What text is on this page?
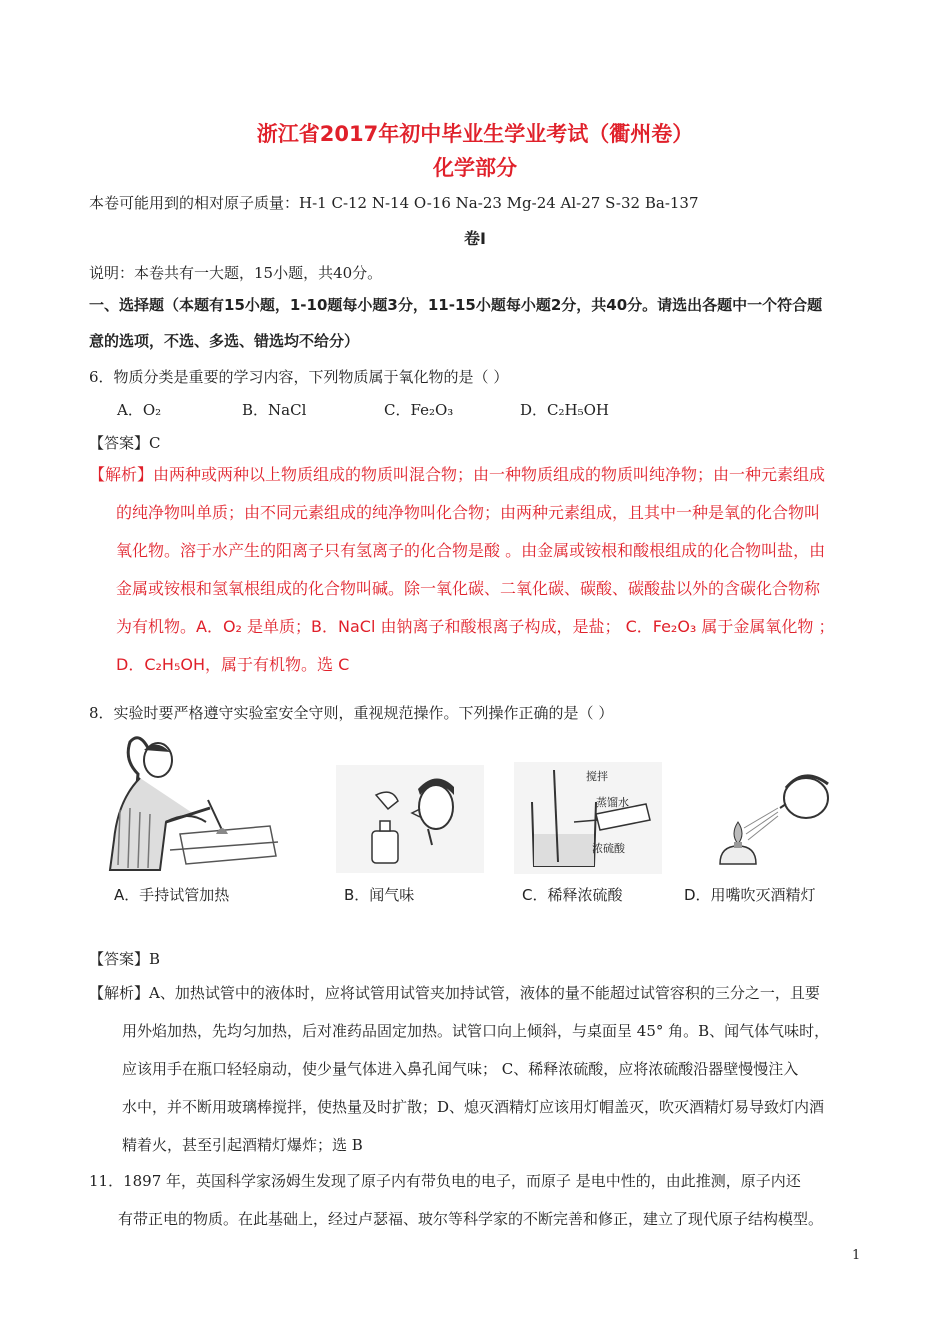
浙江省2017年初中毕业生学业考试（衢州卷）
化学部分
本卷可能用到的相对原子质量：H-1 C-12 N-14 O-16 Na-23 Mg-24 Al-27 S-32 Ba-137
卷Ⅰ
说明：本卷共有一大题，15小题，共40分。
一、选择题（本题有15小题，1-10题每小题3分，11-15小题每小题2分，共40分。请选出各题中一个符合题
意的选项，不选、多选、错选均不给分）
6．物质分类是重要的学习内容，下列物质属于氧化物的是（ ）
A．O₂	B．NaCl	C．Fe₂O₃	D．C₂H₅OH
【答案】C
【解析】由两种或两种以上物质组成的物质叫混合物；由一种物质组成的物质叫纯净物；由一种元素组成
的纯净物叫单质；由不同元素组成的纯净物叫化合物；由两种元素组成，且其中一种是氧的化合物叫
氧化物。溶于水产生的阳离子只有氢离子的化合物是酸 。由金属或铵根和酸根组成的化合物叫盐，由
金属或铵根和氢氧根组成的化合物叫碱。除一氧化碳、二氧化碳、碳酸、碳酸盐以外的含碳化合物称
为有机物。A．O₂ 是单质；B．NaCl 由钠离子和酸根离子构成，是盐； C．Fe₂O₃ 属于金属氧化物 ；
D．C₂H₅OH，属于有机物。选 C
8．实验时要严格遵守实验室安全守则，重视规范操作。下列操作正确的是（ ）
A．手持试管加热	B．闻气味
搅拌
蒸馏水
浓硫酸
C．稀释浓硫酸	D．用嘴吹灭酒精灯
【答案】B
【解析】A、加热试管中的液体时，应将试管用试管夹加持试管，液体的量不能超过试管容积的三分之一，且要
用外焰加热，先均匀加热，后对准药品固定加热。试管口向上倾斜，与桌面呈 45° 角。B、闻气体气味时，
应该用手在瓶口轻轻扇动，使少量气体进入鼻孔闻气味； C、稀释浓硫酸，应将浓硫酸沿器壁慢慢注入
水中，并不断用玻璃棒搅拌，使热量及时扩散；D、熄灭酒精灯应该用灯帽盖灭，吹灭酒精灯易导致灯内酒
精着火，甚至引起酒精灯爆炸；选 B
11．1897 年，英国科学家汤姆生发现了原子内有带负电的电子，而原子 是电中性的，由此推测，原子内还
有带正电的物质。在此基础上，经过卢瑟福、玻尔等科学家的不断完善和修正，建立了现代原子结构模型。
1
